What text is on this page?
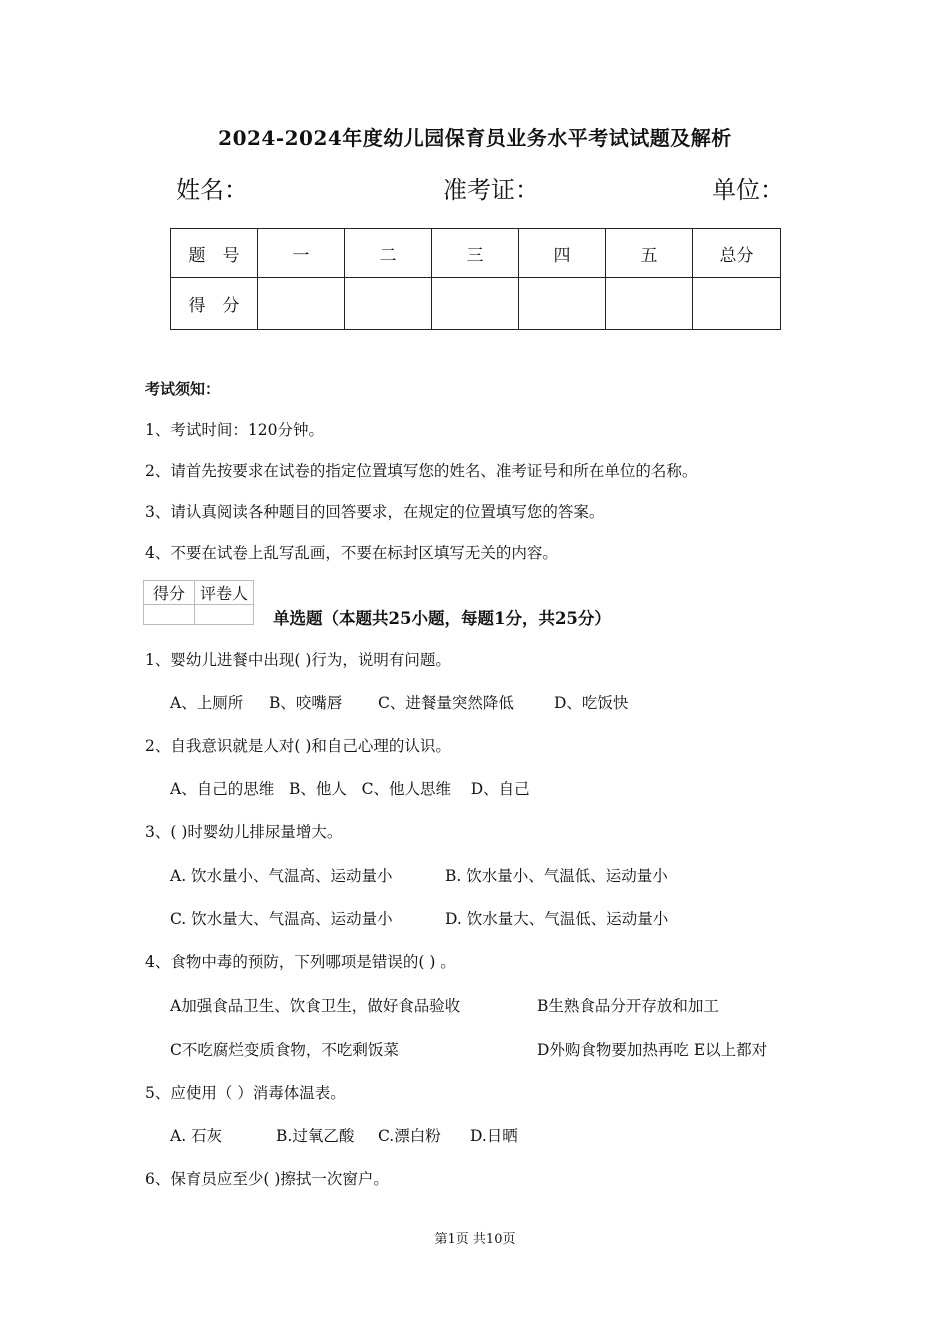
2024-2024年度幼儿园保育员业务水平考试试题及解析
姓名：	准考证：	单位：
题　号	一	二	三	四	五	总分
得　分						
考试须知：
1、考试时间：120分钟。
2、请首先按要求在试卷的指定位置填写您的姓名、准考证号和所在单位的名称。
3、请认真阅读各种题目的回答要求，在规定的位置填写您的答案。
4、不要在试卷上乱写乱画，不要在标封区填写无关的内容。
得分	评卷人

单选题（本题共25小题，每题1分，共25分）
1、婴幼儿进餐中出现( )行为，说明有问题。
A、上厕所 B、咬嘴唇 C、进餐量突然降低	D、吃饭快
2、自我意识就是人对( )和自己心理的认识。
A、自己的思维   B、他人   C、他人思维    D、自己
3、( )时婴幼儿排尿量增大。
A. 饮水量小、气温高、运动量小	B. 饮水量小、气温低、运动量小
C. 饮水量大、气温高、运动量小	D. 饮水量大、气温低、运动量小
4、食物中毒的预防，下列哪项是错误的( ) 。
A加强食品卫生、饮食卫生，做好食品验收	B生熟食品分开存放和加工
C不吃腐烂变质食物，不吃剩饭菜	D外购食物要加热再吃 E以上都对
5、应使用（ ）消毒体温表。
A. 石灰	B.过氧乙酸 C.漂白粉 D.日晒
6、保育员应至少( )擦拭一次窗户。
第1页 共10页
